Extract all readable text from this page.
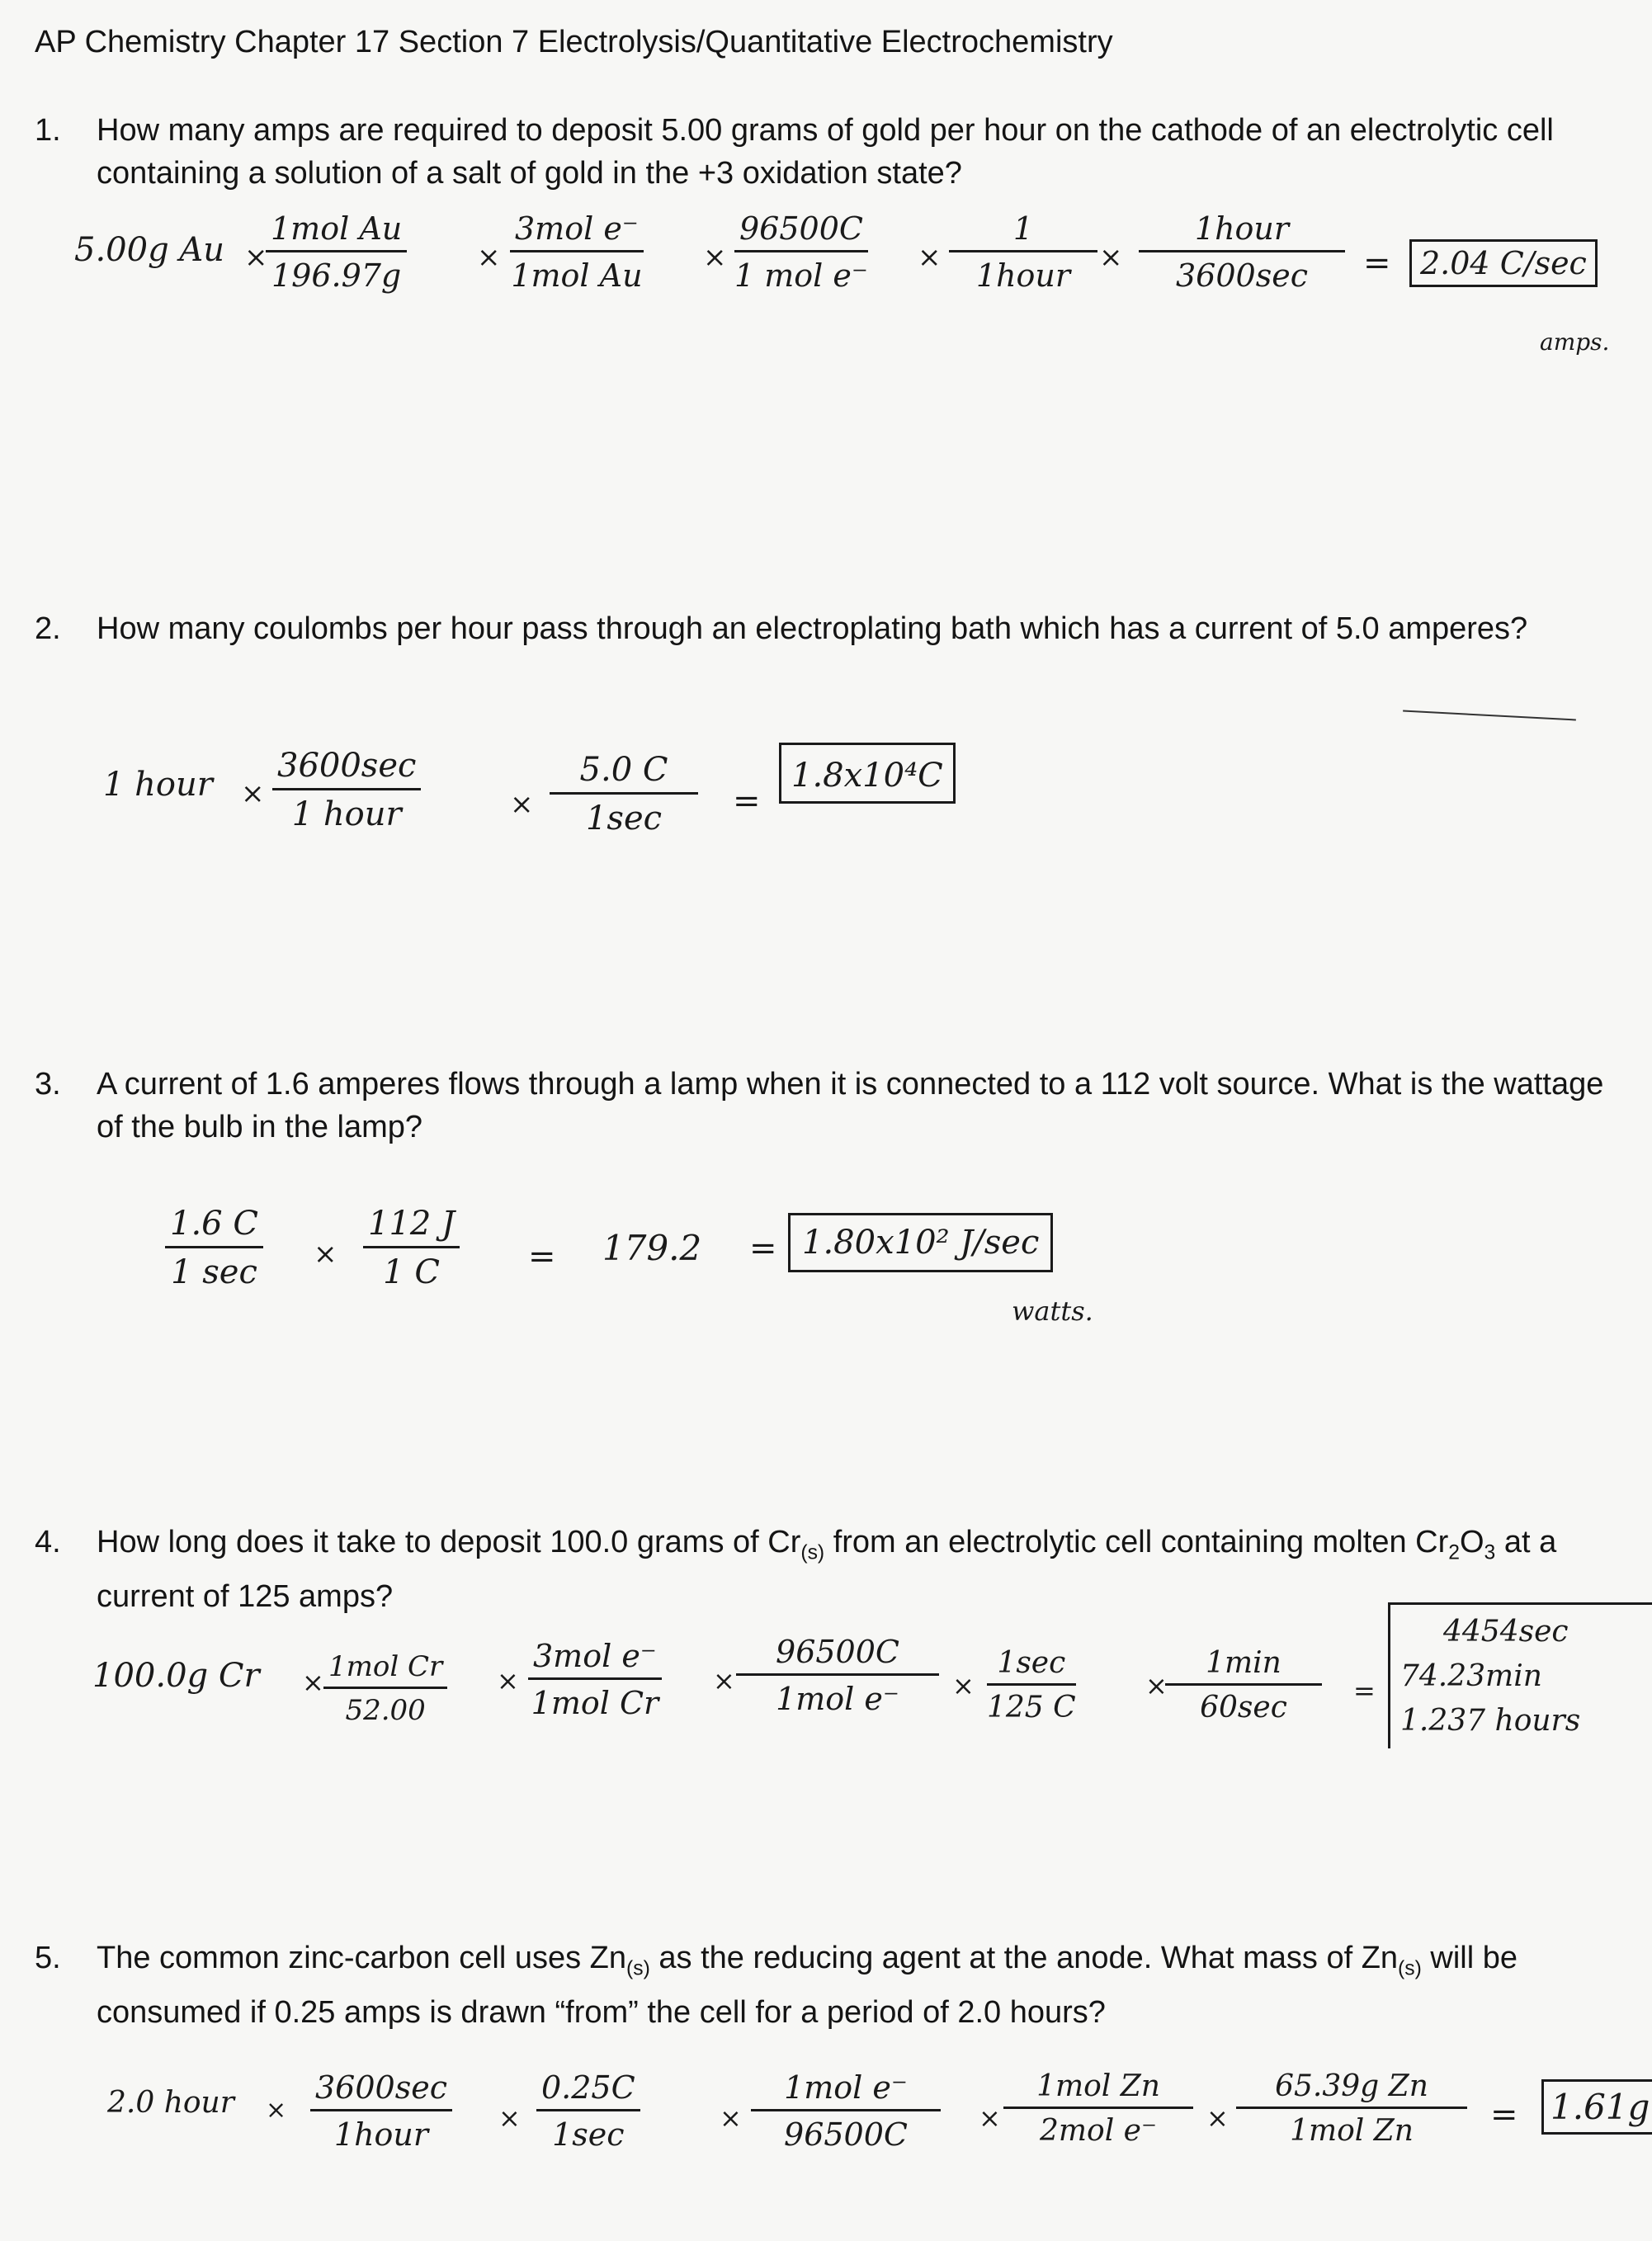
AP Chemistry Chapter 17 Section 7 Electrolysis/Quantitative Electrochemistry
1. How many amps are required to deposit 5.00 grams of gold per hour on the cathode of an electrolytic cell containing a solution of a salt of gold in the +3 oxidation state?
5.00g Au ×
1mol Au
196.97g	×
3mol e⁻
1mol Au ×
96500C
1 mol e⁻ ×
1
1hour	×
1hour
3600sec	= 2.04 C/sec
amps.
2. How many coulombs per hour pass through an electroplating bath which has a current of 5.0 amperes?
1 hour ×
3600sec
1 hour	×
5.0 C
1sec	=
1.8x10⁴C
3. A current of 1.6 amperes flows through a lamp when it is connected to a 112 volt source. What is the wattage of the bulb in the lamp?
1.6 C
1 $\sec \times \frac{112 J}{1 C} = 179.2 = 1.80x10^2$ J/sec
watts.
4. How long does it take to deposit 100.0 grams of $Cr_{(s)}$ from an electrolytic cell containing molten $Cr_2O_3$ at a current of 125 amps?
100.0g Cr × 1mol Cr
52.00
×
3mol e⁻
1mol Cr
×
96500C
1mol e⁻	×
1sec
125 C
×
1min
60sec	=
4454sec
74.23min
1.237 hours
5. The common zinc-carbon cell uses $Zn_{(s)}$ as the reducing agent at the anode. What mass of $Zn_{(s)}$ will be consumed if 0.25 amps is drawn “from” the cell for a period of 2.0 hours?
2.0 hour ×
3600sec
1hour	×
0.25C
1sec	×
1mol e⁻
96500C	×
1mol Zn
2mol e⁻	×
65.39g Zn
1mol Zn	= 1.61g
